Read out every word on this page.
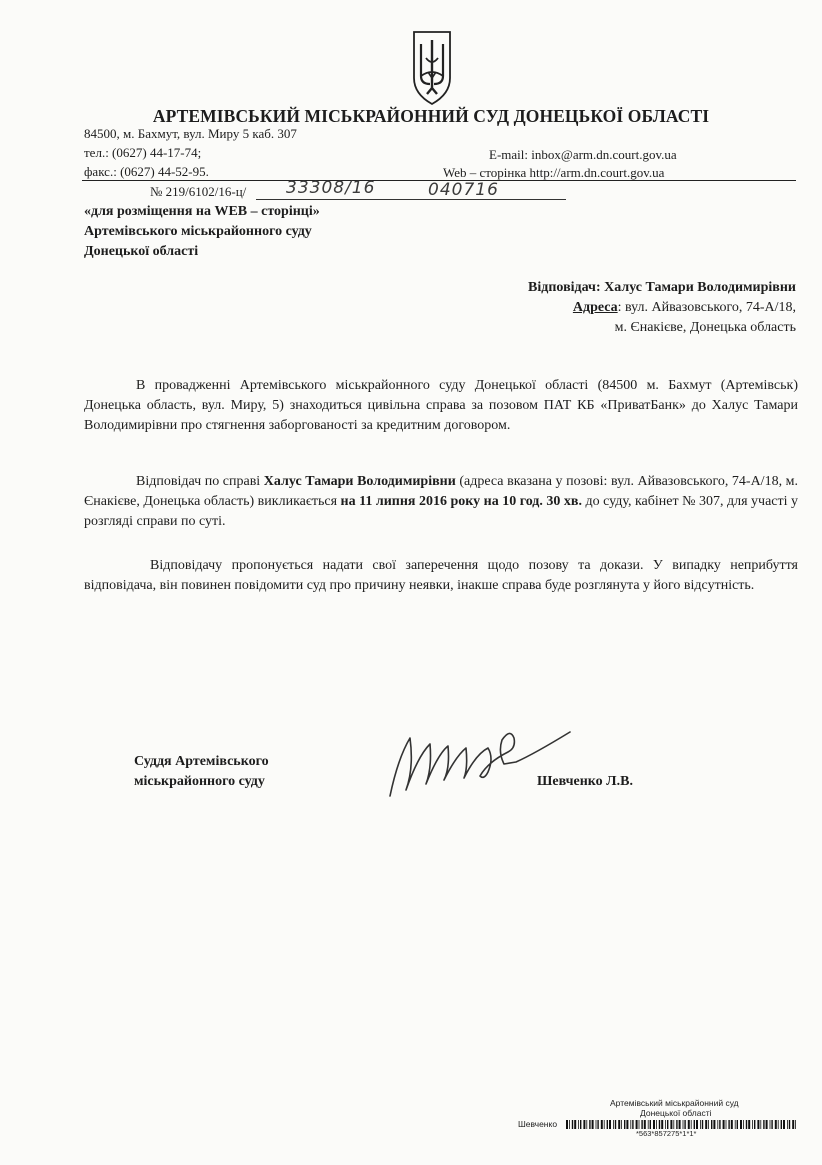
АРТЕМІВСЬКИЙ МІСЬКРАЙОННИЙ СУД ДОНЕЦЬКОЇ ОБЛАСТІ
84500, м. Бахмут, вул. Миру 5 каб. 307
тел.: (0627) 44-17-74;
факс.: (0627) 44-52-95.
E-mail: inbox@arm.dn.court.gov.ua
Web – сторінка http://arm.dn.court.gov.ua
№ 219/6102/16-ц/ 33308/16	040716
«для розміщення на WEB – сторінці»
Артемівського міськрайонного суду
Донецької області
Відповідач: Халус Тамари Володимирівни
Адреса: вул. Айвазовського, 74-А/18,
м. Єнакієве, Донецька область
В провадженні Артемівського міськрайонного суду Донецької області (84500 м. Бахмут (Артемівськ) Донецька область, вул. Миру, 5) знаходиться цивільна справа за позовом ПАТ КБ «ПриватБанк» до Халус Тамари Володимирівни про стягнення заборгованості за кредитним договором.
Відповідач по справі Халус Тамари Володимирівни (адреса вказана у позові: вул. Айвазовського, 74-А/18, м. Єнакієве, Донецька область) викликається на 11 липня 2016 року на 10 год. 30 хв. до суду, кабінет № 307, для участі у розгляді справи по суті.
Відповідачу пропонується надати свої заперечення щодо позову та докази. У випадку неприбуття відповідача, він повинен повідомити суд про причину неявки, інакше справа буде розглянута у його відсутність.
Суддя Артемівського
міськрайонного суду	Шевченко Л.В.
Артемівський міськрайонний суд
Донецької області
Шевченко
*563*857275*1*1*
